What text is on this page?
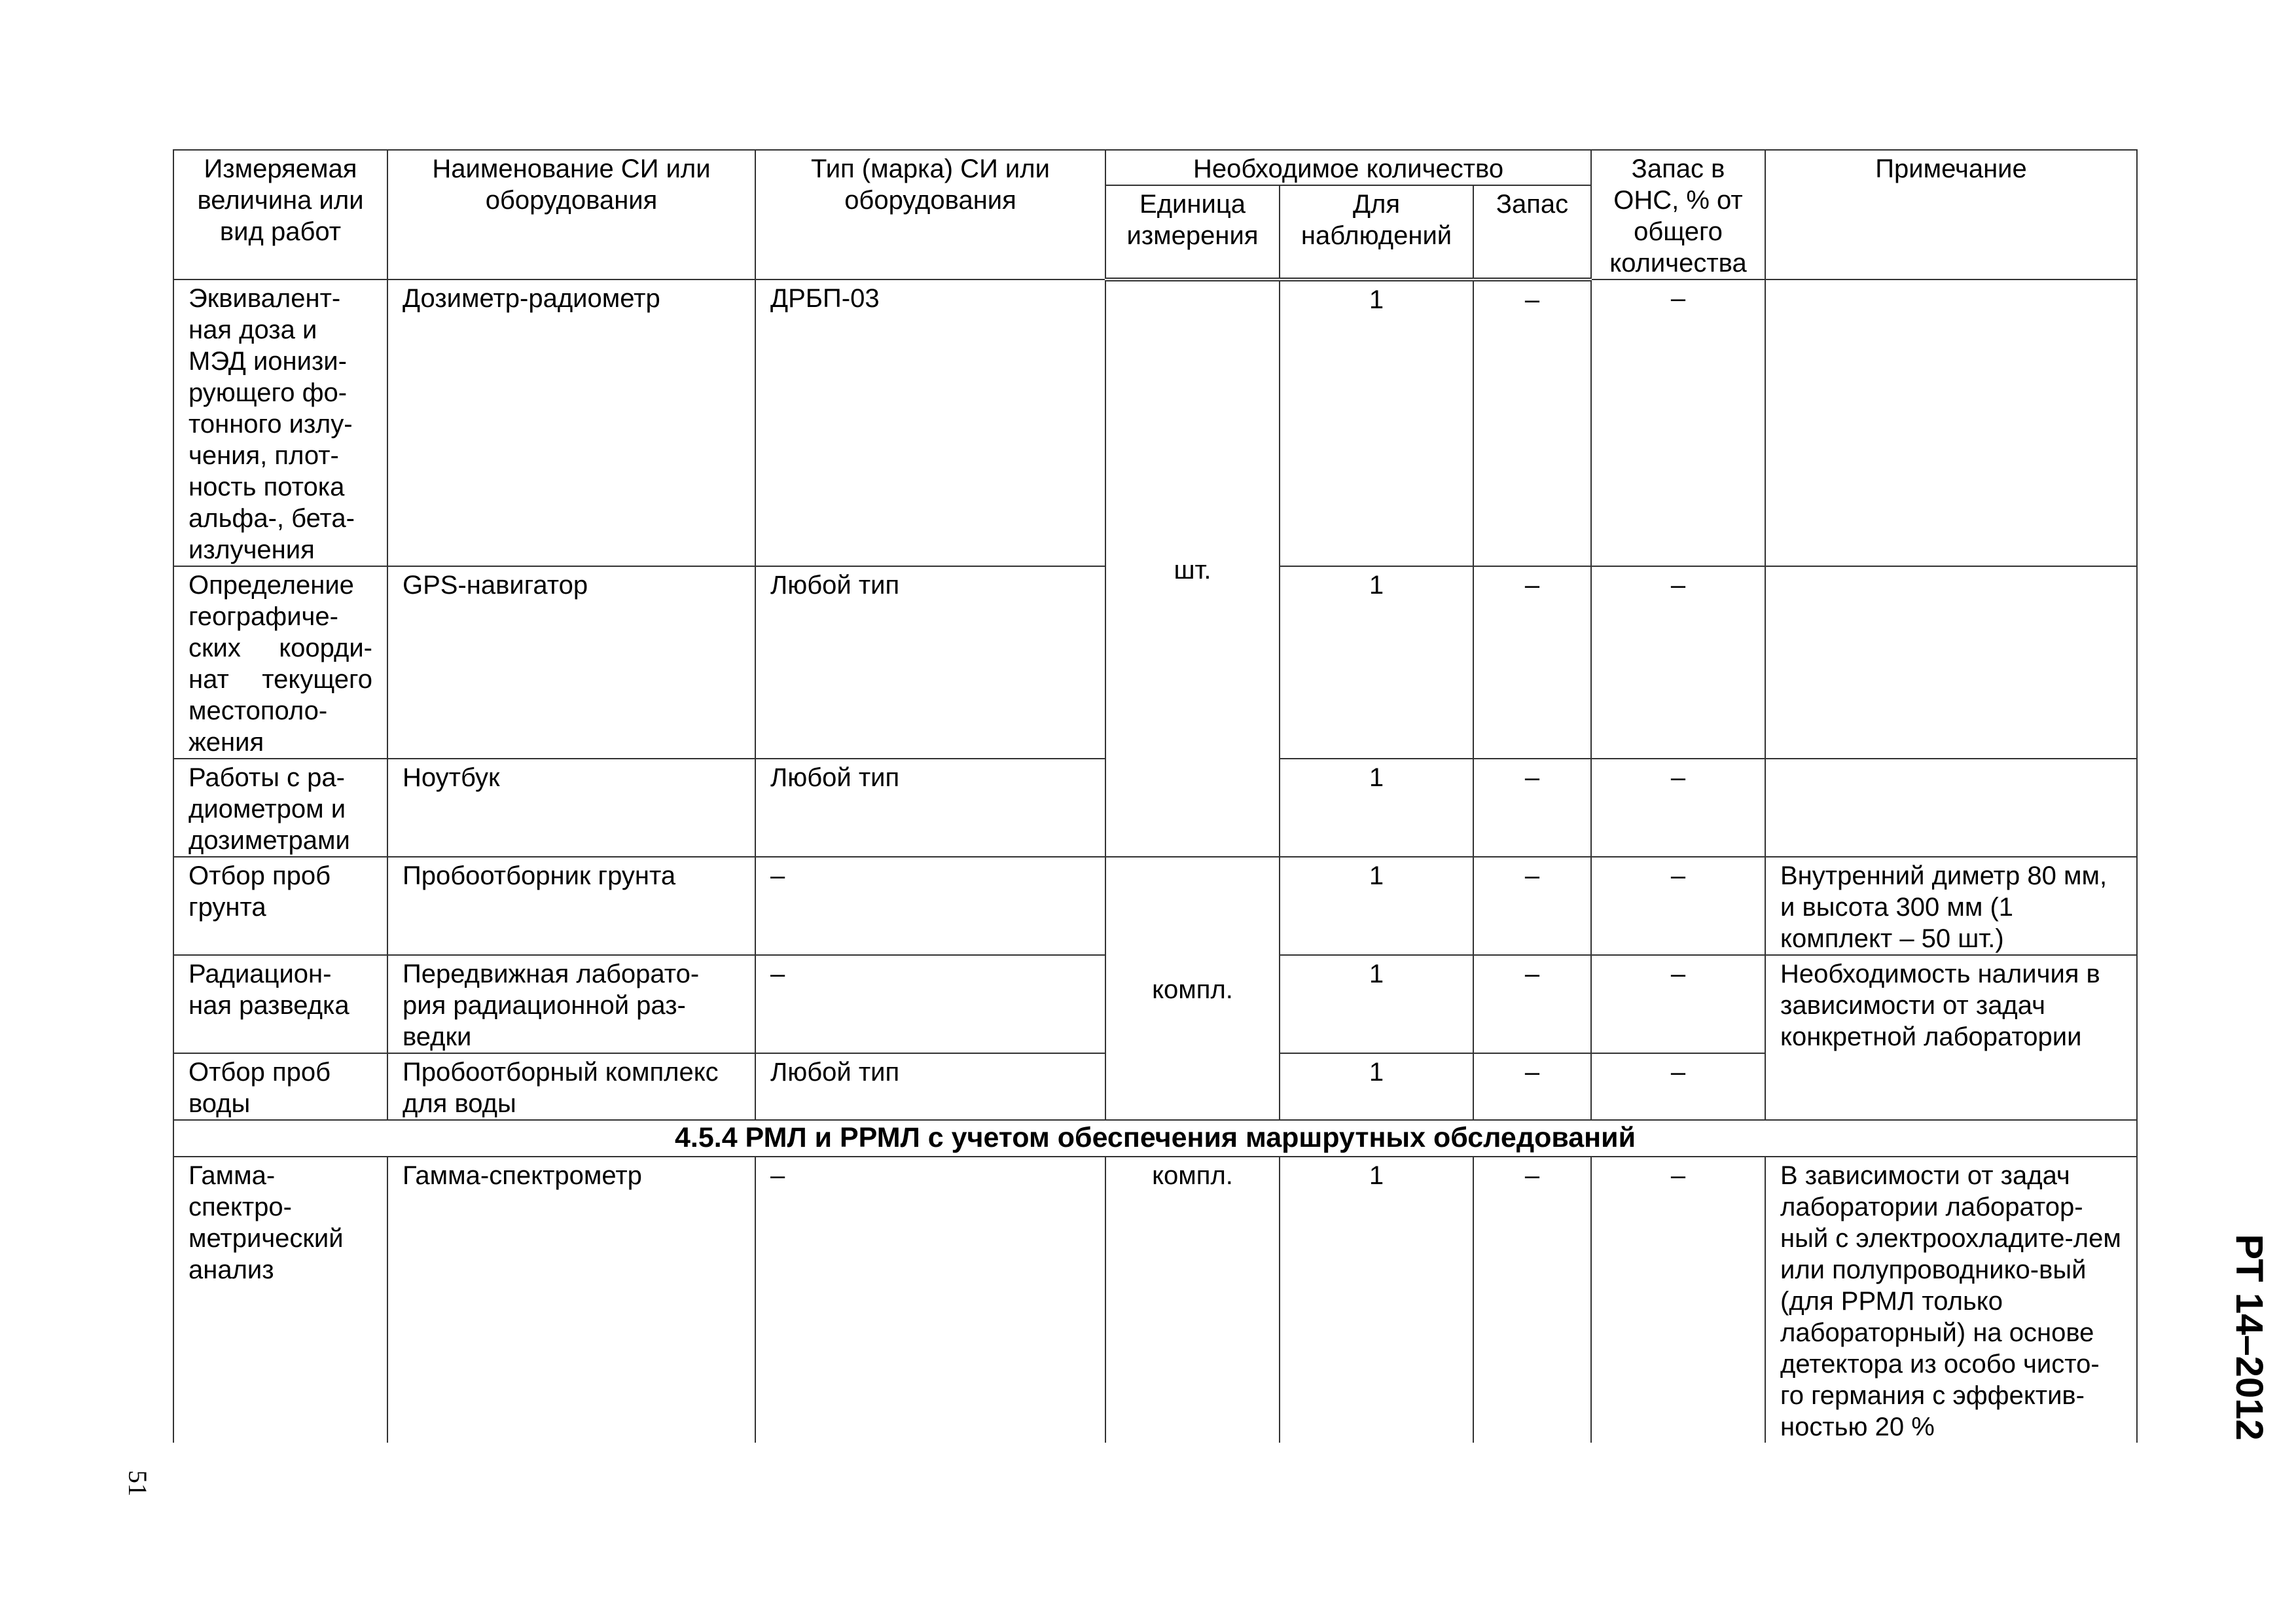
Измеряемая величина или вид работ	Наименование СИ или оборудования	Тип (марка) СИ или оборудования	Необходимое количество			Запас в ОНС, % от общего количества	Примечание
			Единица измерения	Для наблюдений	Запас		
Эквивалент-ная доза и МЭД ионизи-рующего фо-тонного излу-чения, плот-ность потока альфа-, бета-излучения	Дозиметр-радиометр	ДРБП-03	шт.	1	–	–	
Определение географиче-ских коорди-нат текущего местополо-жения	GPS-навигатор	Любой тип		1	–	–	
Работы с ра-диометром и дозиметрами	Ноутбук	Любой тип		1	–	–	
Отбор проб грунта	Пробоотборник грунта	–	компл.	1	–	–	Внутренний диметр 80 мм, и высота 300 мм (1 комплект – 50 шт.)
Радиацион-ная разведка	Передвижная лаборато-рия радиационной раз-ведки	–		1	–	–	Необходимость наличия в зависимости от задач конкретной лаборатории
Отбор проб воды	Пробоотборный комплекс для воды	Любой тип		1	–	–	
4.5.4 РМЛ и РРМЛ с учетом обеспечения маршрутных обследований							
Гамма-спектро-метрический анализ	Гамма-спектрометр	–	компл.	1	–	–	В зависимости от задач лаборатории лаборатор-ный с электроохладите-лем или полупроводнико-вый (для РРМЛ только лабораторный) на основе детектора из особо чисто-го германия с эффектив-ностью 20 %
51
РТ 14–2012
